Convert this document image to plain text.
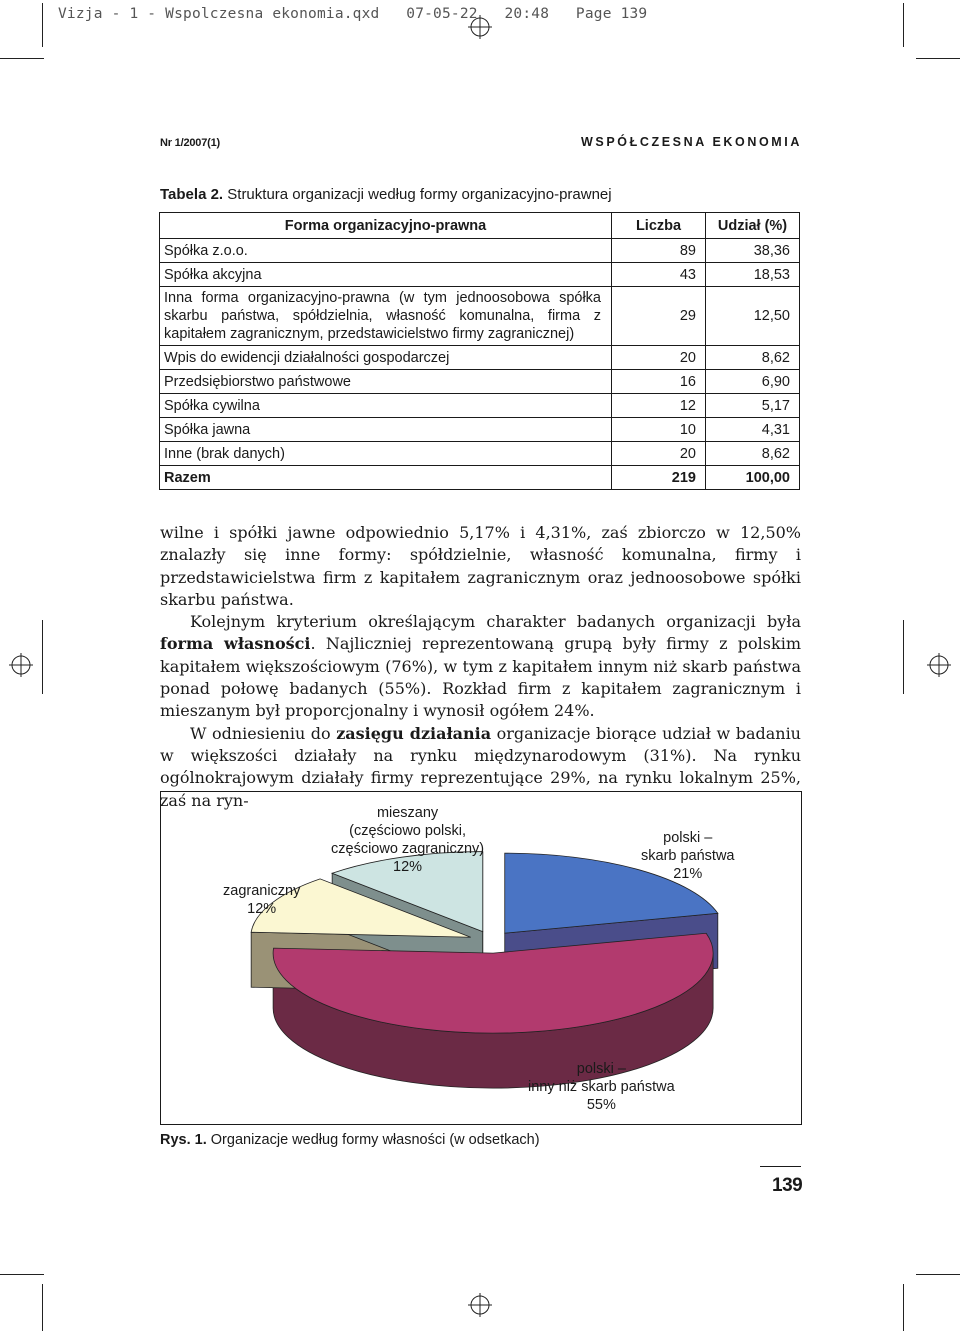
Vizja - 1 - Wspolczesna ekonomia.qxd   07-05-22   20:48   Page 139
Nr 1/2007(1)	WSPÓŁCZESNA EKONOMIA
Tabela 2. Struktura organizacji według formy organizacyjno-prawnej
Forma organizacyjno-prawna	Liczba	Udział (%)
Spółka z.o.o.	89	38,36
Spółka akcyjna	43	18,53
Inna forma organizacyjno-prawna (w tym jednoosobowa spółka skarbu państwa, spółdzielnia, własność komunalna, firma z kapitałem zagranicznym, przedstawicielstwo firmy zagranicznej)	29	12,50
Wpis do ewidencji działalności gospodarczej	20	8,62
Przedsiębiorstwo państwowe	16	6,90
Spółka cywilna	12	5,17
Spółka jawna	10	4,31
Inne (brak danych)	20	8,62
Razem	219	100,00

wilne i spółki jawne odpowiednio 5,17% i 4,31%, zaś zbiorczo w 12,50% znalazły się inne formy: spółdzielnie, własność komunalna, firmy i przedstawicielstwa firm z kapitałem zagranicznym oraz jednoosobowe spółki skarbu państwa.

Kolejnym kryterium określającym charakter badanych organizacji była forma własności. Najliczniej reprezentowaną grupą były firmy z polskim kapitałem większościowym (76%), w tym z kapitałem innym niż skarb państwa ponad połowę badanych (55%). Rozkład firm z kapitałem zagranicznym i mieszanym był proporcjonalny i wynosił ogółem 24%.

W odniesieniu do zasięgu działania organizacje biorące udział w badaniu w większości działały na rynku międzynarodowym (31%). Na rynku ogólnokrajowym działały firmy reprezentujące 29%, na rynku lokalnym 25%, zaś na ryn-

mieszany
(częściowo polski,
częściowo zagraniczny)
12%
polski –
skarb państwa
21%
zagraniczny
12%
polski –
inny niż skarb państwa
55%
Rys. 1. Organizacje według formy własności (w odsetkach)
139
